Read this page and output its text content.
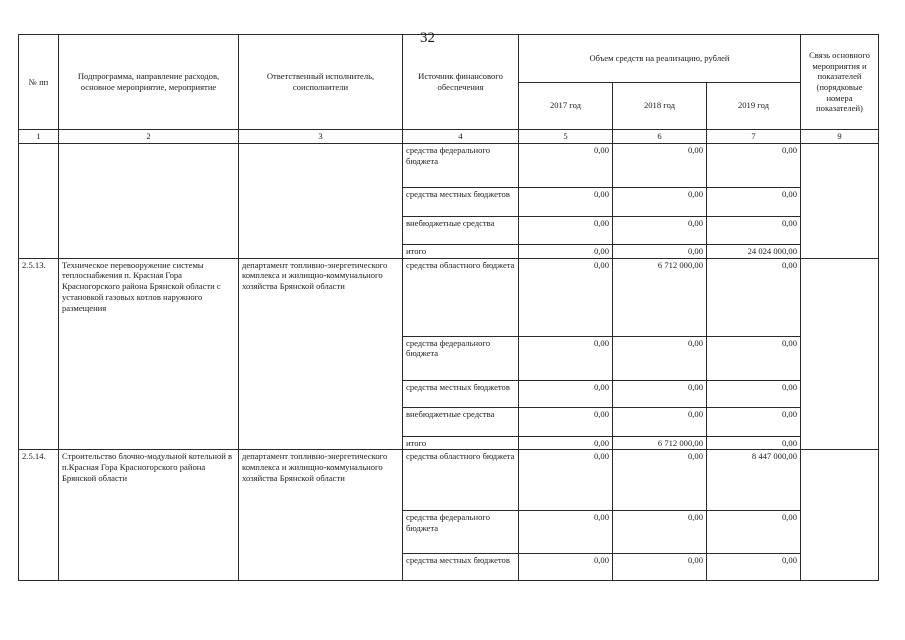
32
№ пп	Подпрограмма, направление расходов, основное мероприятие, мероприятие	Ответственный исполнитель, соисполнители	Источник финансового обеспечения	Объем средств на реализацию, рублей			Связь основного мероприятия и показателей (порядковые номера показателей)
				2017 год	2018 год	2019 год	
1	2	3	4	5	6	7	9
			средства федерального бюджета	0,00	0,00	0,00	
			средства местных бюджетов	0,00	0,00	0,00	
			внебюджетные средства	0,00	0,00	0,00	
			итого	0,00	0,00	24 024 000,00	
2.5.13.	Техническое перевооружение системы теплоснабжения п. Красная Гора Красногорского района Брянской области с установкой газовых котлов наружного размещения	департамент топливно-энергетического комплекса и жилищно-коммунального хозяйства Брянской области	средства областного бюджета	0,00	6 712 000,00	0,00	
			средства федерального бюджета	0,00	0,00	0,00	
			средства местных бюджетов	0,00	0,00	0,00	
			внебюджетные средства	0,00	0,00	0,00	
			итого	0,00	6 712 000,00	0,00	
2.5.14.	Строительство блочно-модульной котельной в п.Красная Гора Красногорского района Брянской области	департамент топливно-энергетического комплекса и жилищно-коммунального хозяйства Брянской области	средства областного бюджета	0,00	0,00	8 447 000,00	
			средства федерального бюджета	0,00	0,00	0,00	
			средства местных бюджетов	0,00	0,00	0,00	
